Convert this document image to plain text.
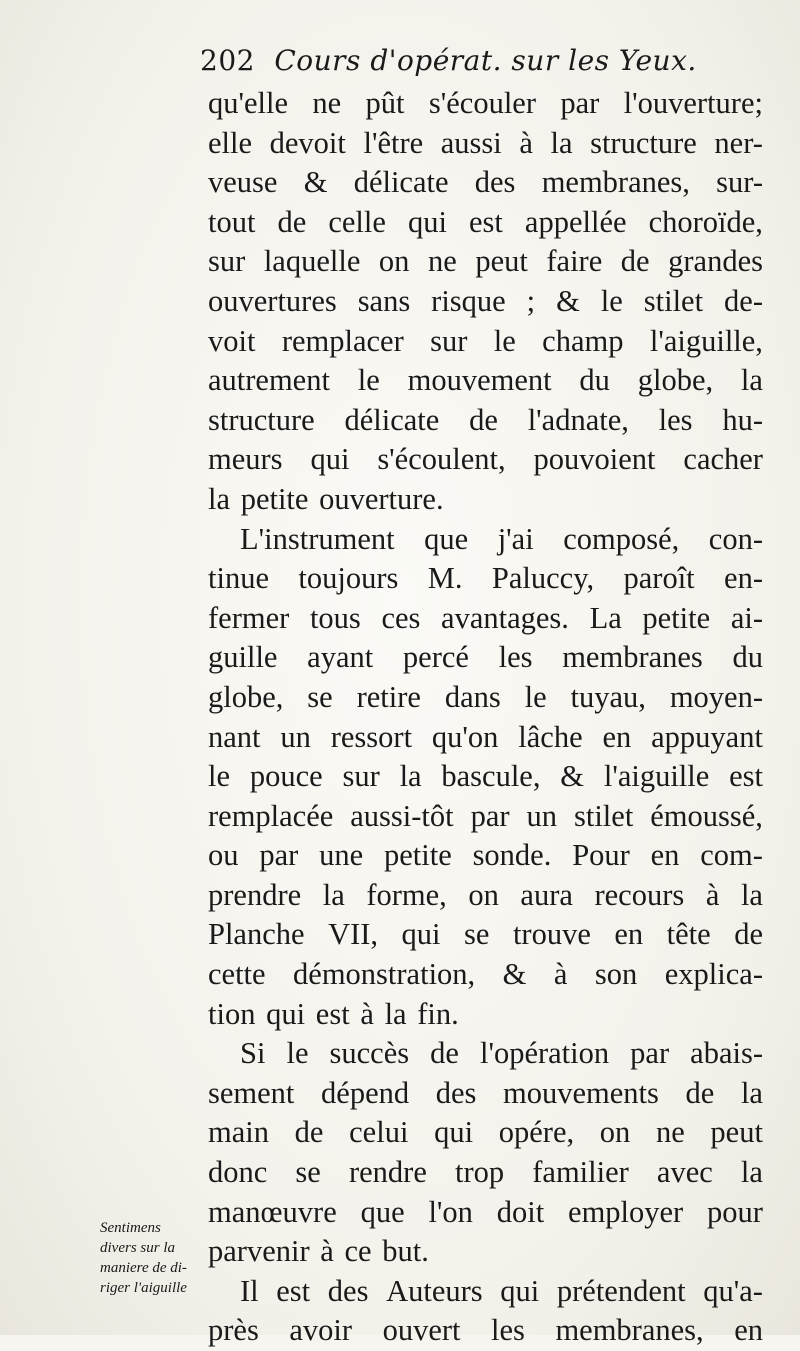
202 Cours d'opérat. sur les Yeux.
qu'elle ne pût s'écouler par l'ouverture;
elle devoit l'être aussi à la structure ner-
veuse & délicate des membranes, sur-
tout de celle qui est appellée choroïde,
sur laquelle on ne peut faire de grandes
ouvertures sans risque ; & le stilet de-
voit remplacer sur le champ l'aiguille,
autrement le mouvement du globe, la
structure délicate de l'adnate, les hu-
meurs qui s'écoulent, pouvoient cacher
la petite ouverture.
L'instrument que j'ai composé, con-
tinue toujours M. Paluccy, paroît en-
fermer tous ces avantages. La petite ai-
guille ayant percé les membranes du
globe, se retire dans le tuyau, moyen-
nant un ressort qu'on lâche en appuyant
le pouce sur la bascule, & l'aiguille est
remplacée aussi-tôt par un stilet émoussé,
ou par une petite sonde. Pour en com-
prendre la forme, on aura recours à la
Planche VII, qui se trouve en tête de
cette démonstration, & à son explica-
tion qui est à la fin.
Si le succès de l'opération par abais-
sement dépend des mouvements de la
main de celui qui opére, on ne peut
donc se rendre trop familier avec la
manœuvre que l'on doit employer pour
parvenir à ce but.
Il est des Auteurs qui prétendent qu'a-
près avoir ouvert les membranes, en
Sentimens
divers sur la
maniere de di-
riger l'aiguille
